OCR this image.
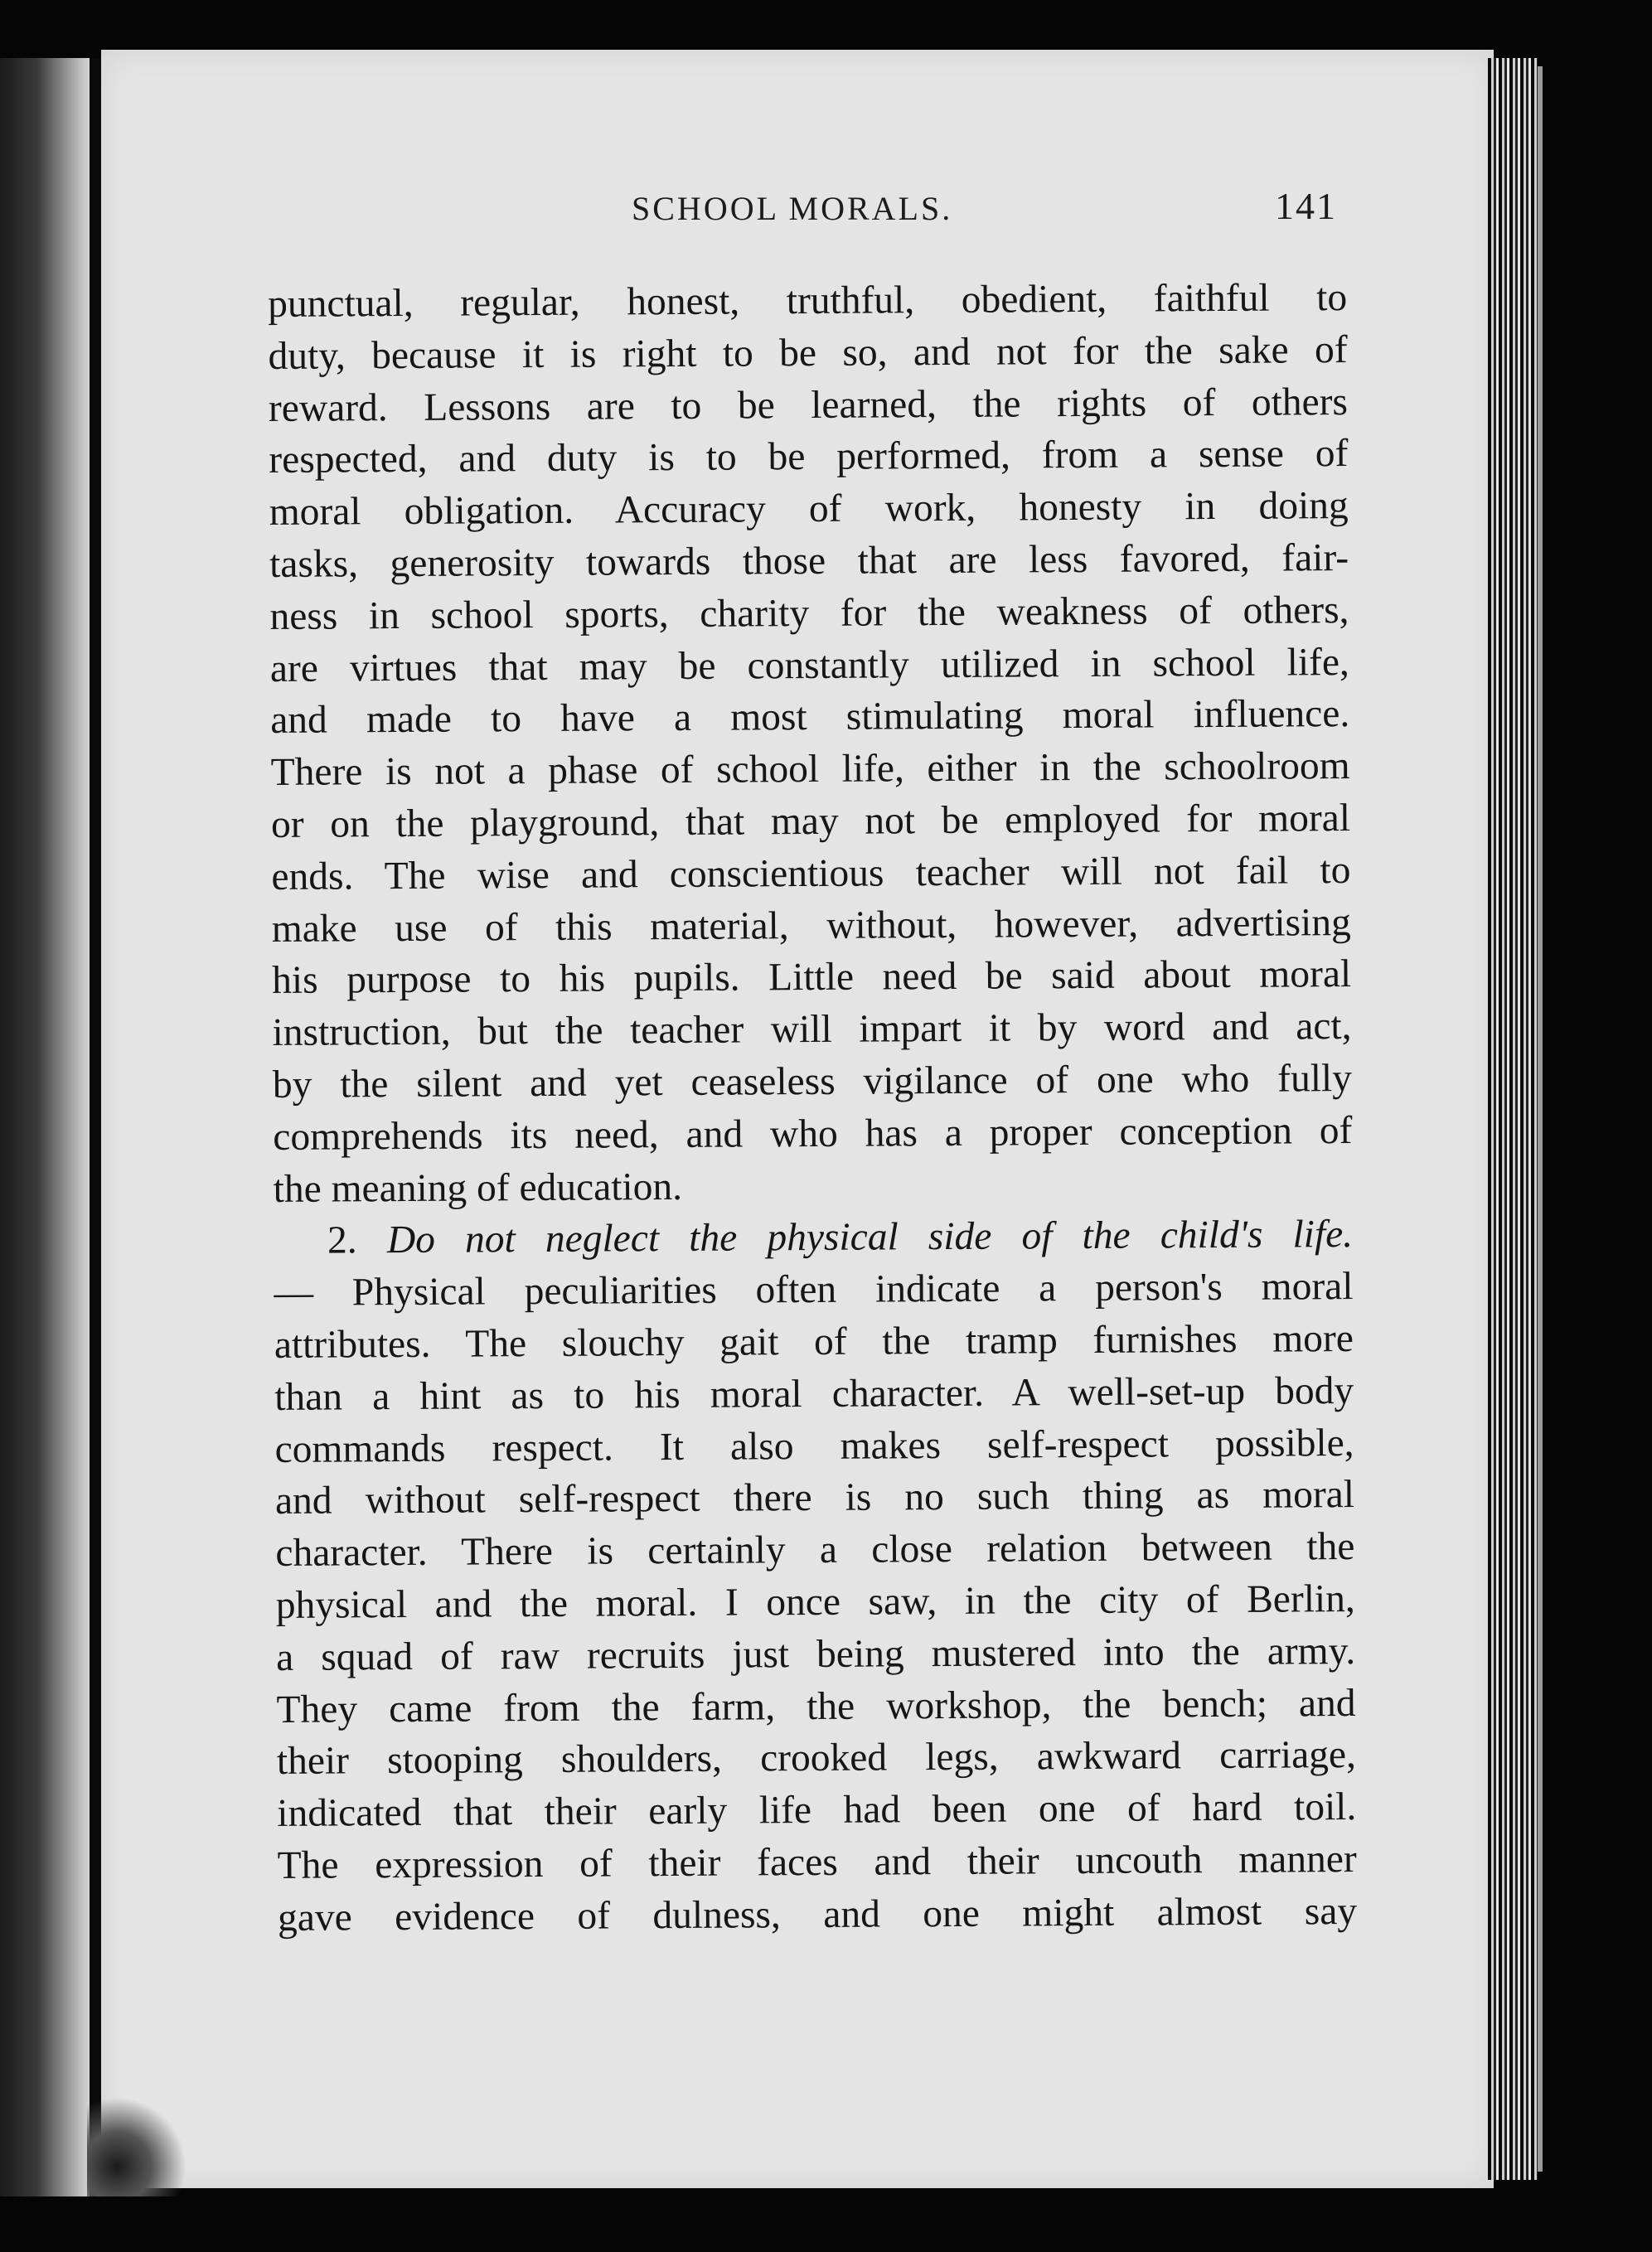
SCHOOL MORALS.	141
punctual, regular, honest, truthful, obedient, faithful to
duty, because it is right to be so, and not for the sake of
reward. Lessons are to be learned, the rights of others
respected, and duty is to be performed, from a sense of
moral obligation. Accuracy of work, honesty in doing
tasks, generosity towards those that are less favored, fair-
ness in school sports, charity for the weakness of others,
are virtues that may be constantly utilized in school life,
and made to have a most stimulating moral influence.
There is not a phase of school life, either in the schoolroom
or on the playground, that may not be employed for moral
ends. The wise and conscientious teacher will not fail to
make use of this material, without, however, advertising
his purpose to his pupils. Little need be said about moral
instruction, but the teacher will impart it by word and act,
by the silent and yet ceaseless vigilance of one who fully
comprehends its need, and who has a proper conception of
the meaning of education.
2. Do not neglect the physical side of the child's life.
— Physical peculiarities often indicate a person's moral
attributes. The slouchy gait of the tramp furnishes more
than a hint as to his moral character. A well-set-up body
commands respect. It also makes self-respect possible,
and without self-respect there is no such thing as moral
character. There is certainly a close relation between the
physical and the moral. I once saw, in the city of Berlin,
a squad of raw recruits just being mustered into the army.
They came from the farm, the workshop, the bench; and
their stooping shoulders, crooked legs, awkward carriage,
indicated that their early life had been one of hard toil.
The expression of their faces and their uncouth manner
gave evidence of dulness, and one might almost say
